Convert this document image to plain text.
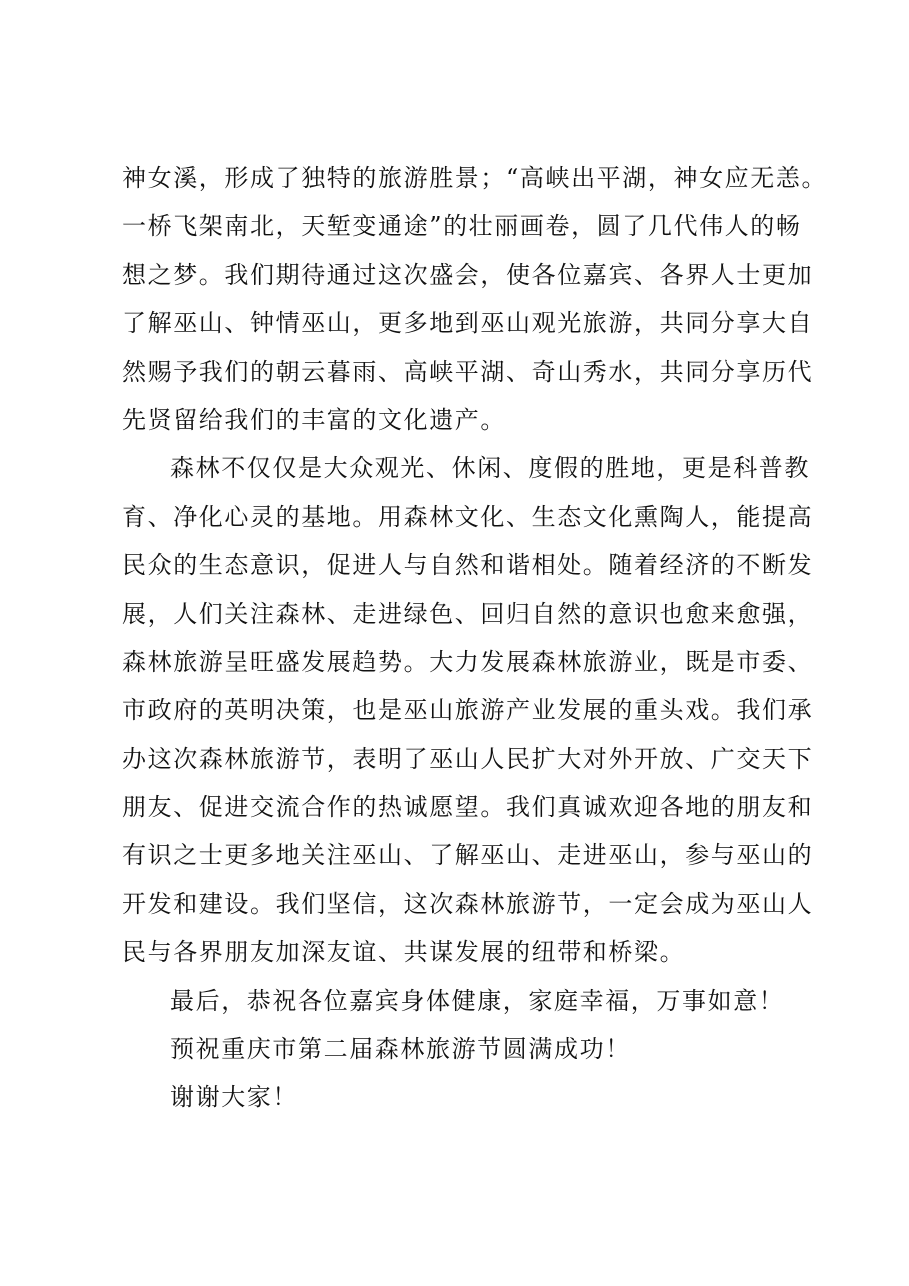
神女溪，形成了独特的旅游胜景；“高峡出平湖，神女应无恙。
一桥飞架南北，天堑变通途”的壮丽画卷，圆了几代伟人的畅
想之梦。我们期待通过这次盛会，使各位嘉宾、各界人士更加
了解巫山、钟情巫山，更多地到巫山观光旅游，共同分享大自
然赐予我们的朝云暮雨、高峡平湖、奇山秀水，共同分享历代
先贤留给我们的丰富的文化遗产。
森林不仅仅是大众观光、休闲、度假的胜地，更是科普教
育、净化心灵的基地。用森林文化、生态文化熏陶人，能提高
民众的生态意识，促进人与自然和谐相处。随着经济的不断发
展，人们关注森林、走进绿色、回归自然的意识也愈来愈强，
森林旅游呈旺盛发展趋势。大力发展森林旅游业，既是市委、
市政府的英明决策，也是巫山旅游产业发展的重头戏。我们承
办这次森林旅游节，表明了巫山人民扩大对外开放、广交天下
朋友、促进交流合作的热诚愿望。我们真诚欢迎各地的朋友和
有识之士更多地关注巫山、了解巫山、走进巫山，参与巫山的
开发和建设。我们坚信，这次森林旅游节，一定会成为巫山人
民与各界朋友加深友谊、共谋发展的纽带和桥梁。
最后，恭祝各位嘉宾身体健康，家庭幸福，万事如意！
预祝重庆市第二届森林旅游节圆满成功！
谢谢大家！
